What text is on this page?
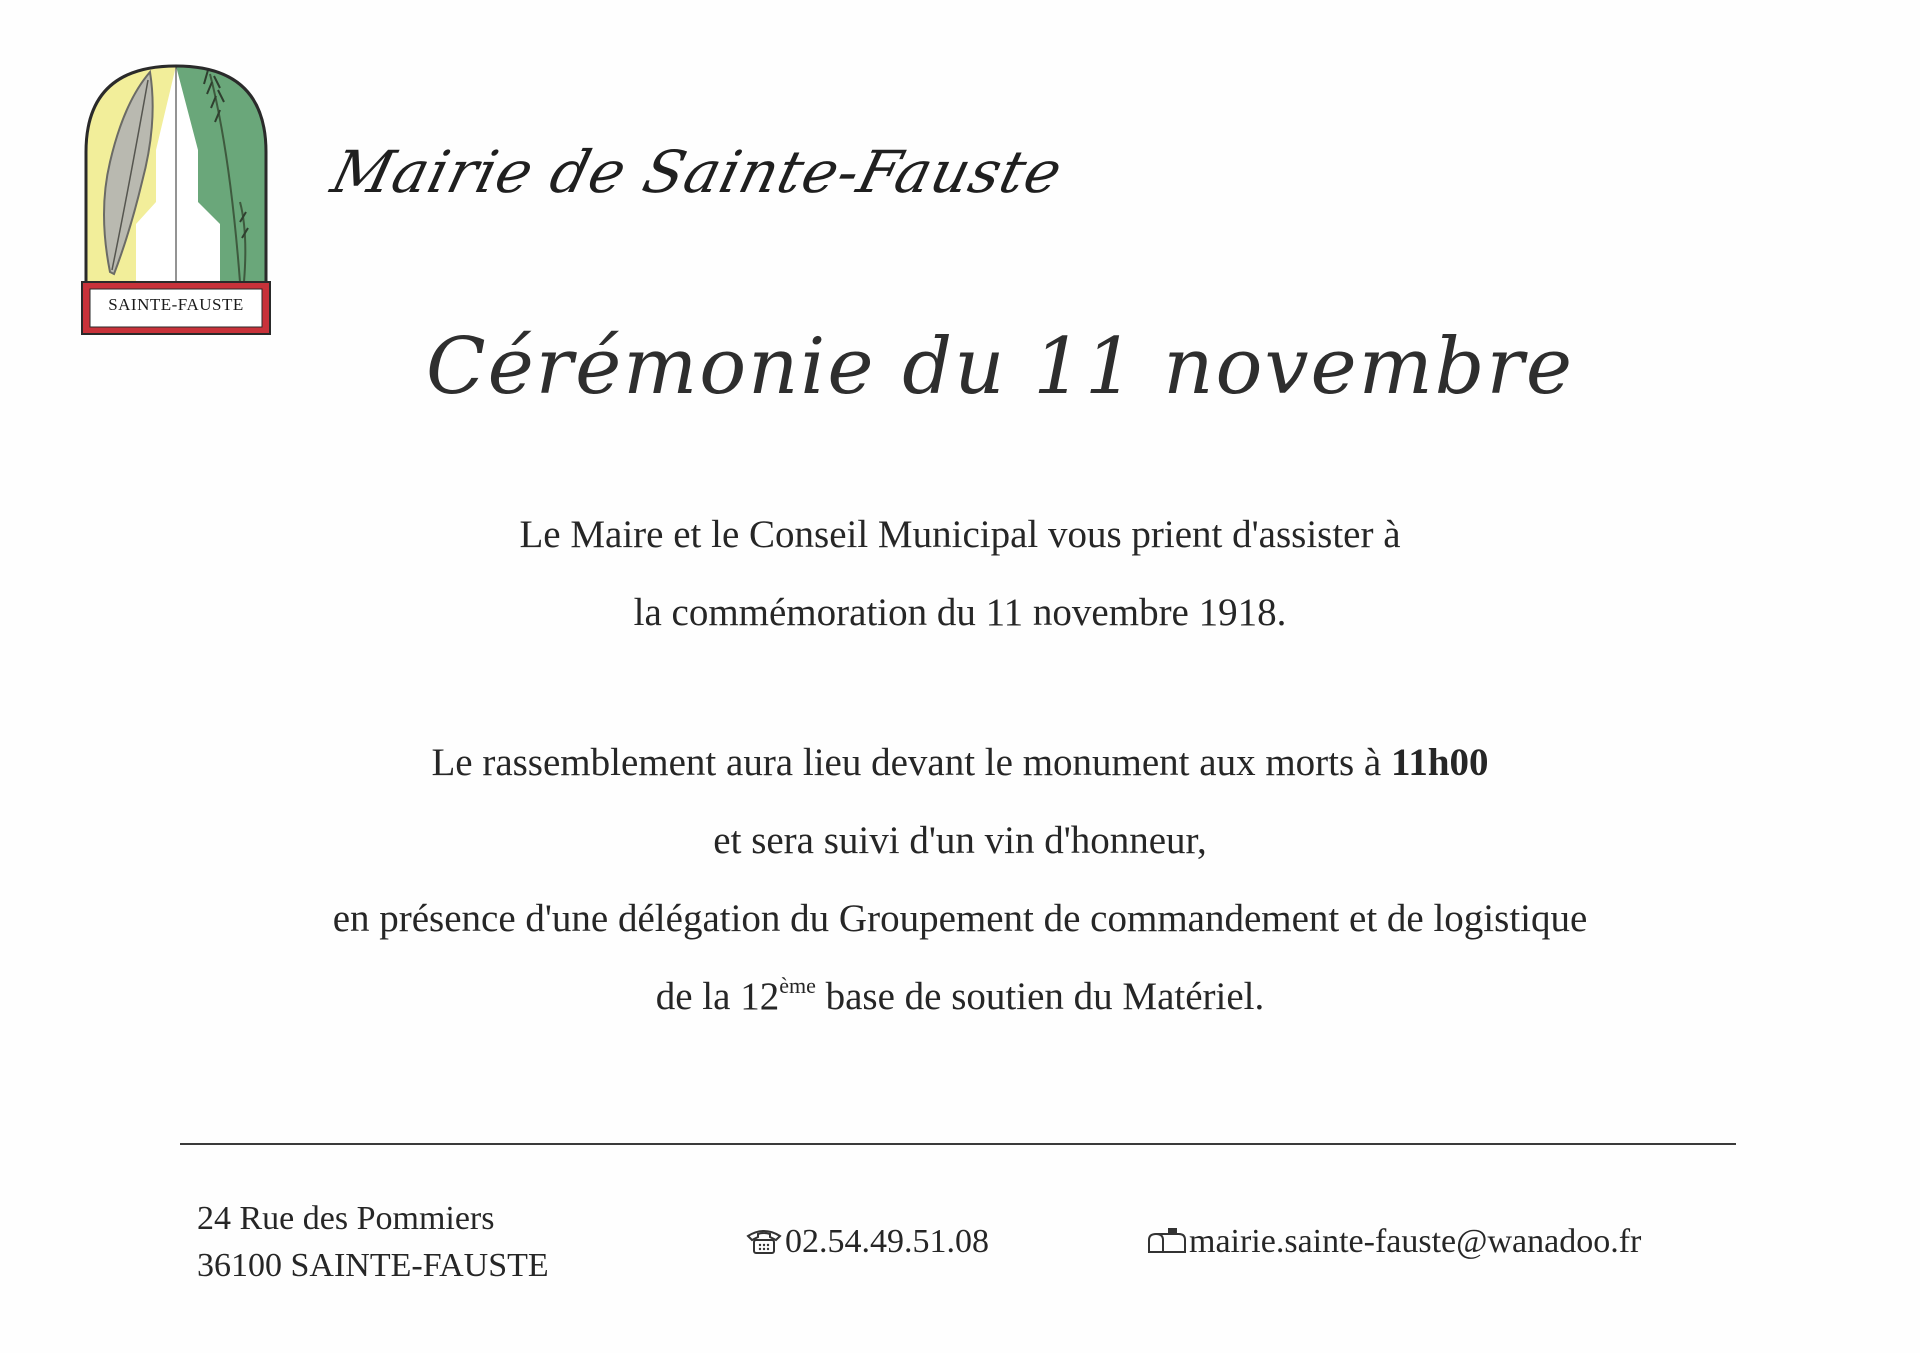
SAINTE-FAUSTE
Mairie de Sainte-Fauste
Cérémonie du 11 novembre
Le Maire et le Conseil Municipal vous prient d'assister à
la commémoration du 11 novembre 1918.
Le rassemblement aura lieu devant le monument aux morts à 11h00
et sera suivi d'un vin d'honneur,
en présence d'une délégation du Groupement de commandement et de logistique
de la 12ème base de soutien du Matériel.
24 Rue des Pommiers
36100 SAINTE-FAUSTE
02.54.49.51.08	mairie.sainte-fauste@wanadoo.fr
